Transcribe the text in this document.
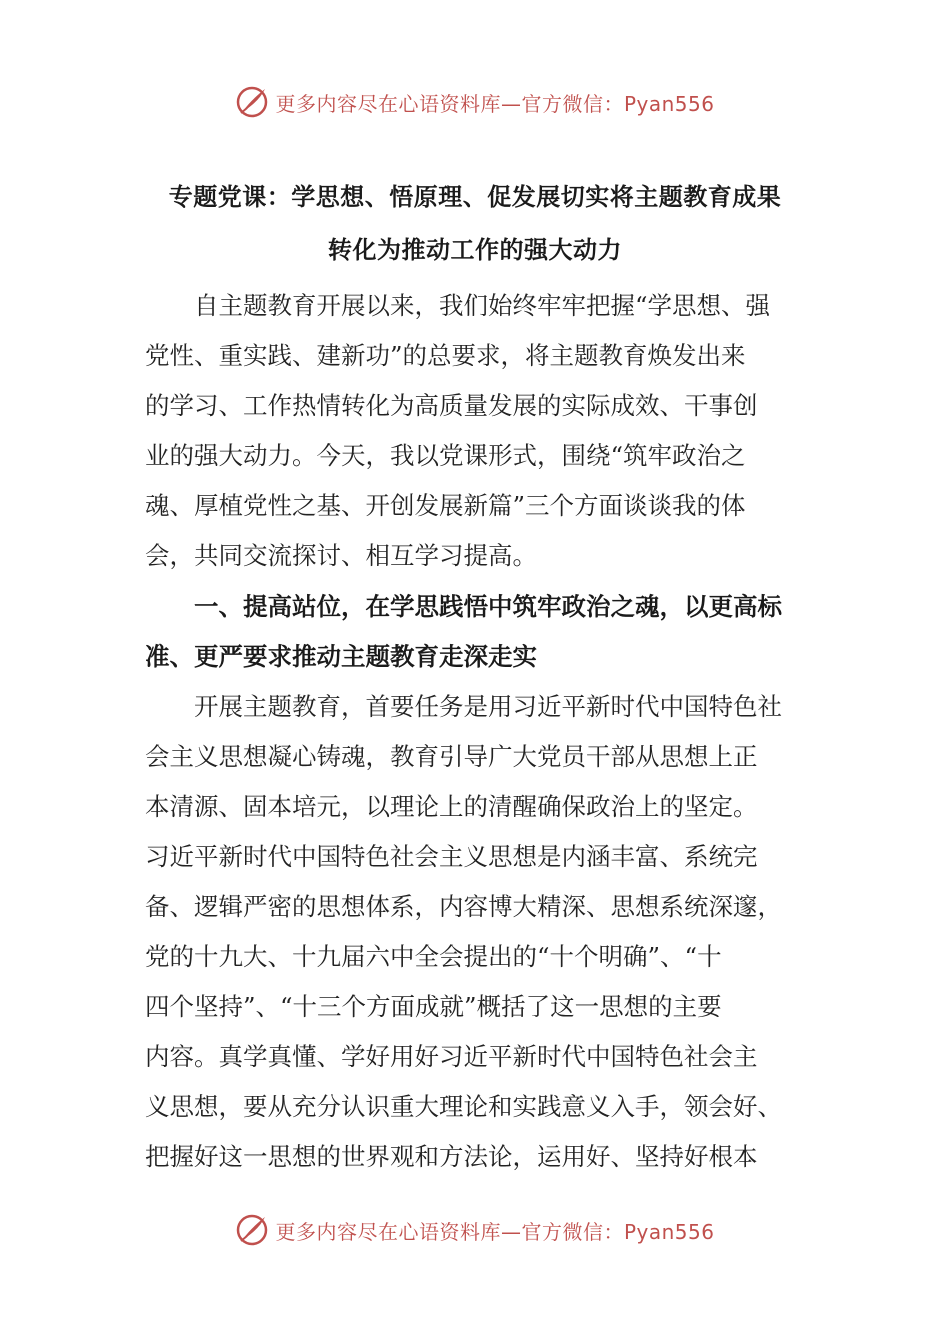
更多内容尽在心语资料库—官方微信：Pyan556
专题党课：学思想、悟原理、促发展切实将主题教育成果
转化为推动工作的强大动力
　　自主题教育开展以来，我们始终牢牢把握“学思想、强
党性、重实践、建新功”的总要求，将主题教育焕发出来
的学习、工作热情转化为高质量发展的实际成效、干事创
业的强大动力。今天，我以党课形式，围绕“筑牢政治之
魂、厚植党性之基、开创发展新篇”三个方面谈谈我的体
会，共同交流探讨、相互学习提高。
　　一、提高站位，在学思践悟中筑牢政治之魂，以更高标
准、更严要求推动主题教育走深走实
　　开展主题教育，首要任务是用习近平新时代中国特色社
会主义思想凝心铸魂，教育引导广大党员干部从思想上正
本清源、固本培元，以理论上的清醒确保政治上的坚定。
习近平新时代中国特色社会主义思想是内涵丰富、系统完
备、逻辑严密的思想体系，内容博大精深、思想系统深邃，
党的十九大、十九届六中全会提出的“十个明确”、“十
四个坚持”、“十三个方面成就”概括了这一思想的主要
内容。真学真懂、学好用好习近平新时代中国特色社会主
义思想，要从充分认识重大理论和实践意义入手，领会好、
把握好这一思想的世界观和方法论，运用好、坚持好根本
更多内容尽在心语资料库—官方微信：Pyan556
